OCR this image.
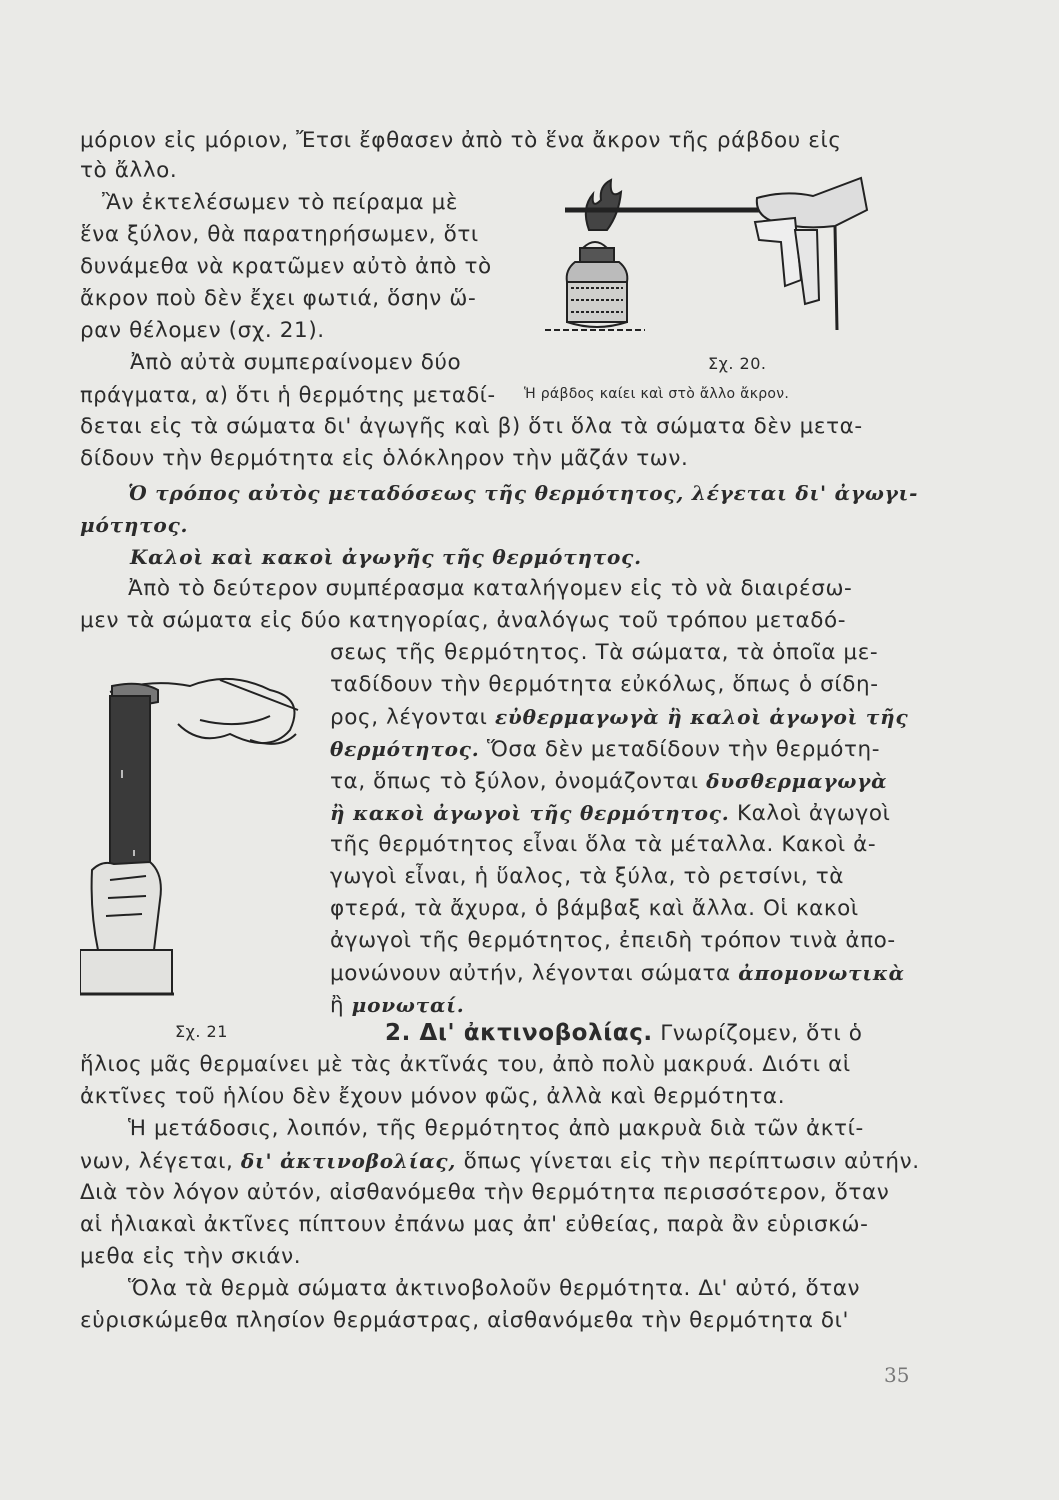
μόριον εἰς μόριον, Ἔτσι ἔφθασεν ἀπὸ τὸ ἕνα ἄκρον τῆς ράβδου εἰς
τὸ ἄλλο.
Ἂν ἐκτελέσωμεν τὸ πείραμα μὲ
ἕνα ξύλον, θὰ παρατηρήσωμεν, ὅτι
δυνάμεθα νὰ κρατῶμεν αὐτὸ ἀπὸ τὸ
ἄκρον ποὺ δὲν ἔχει φωτιά, ὅσην ὥ-
ραν θέλομεν (σχ. 21).
Ἀπὸ αὐτὰ συμπεραίνομεν δύο
πράγματα, α) ὅτι ἡ θερμότης μεταδί-
Σχ. 20.
Ἡ ράβδος καίει καὶ στὸ ἄλλο ἄκρον.
δεται εἰς τὰ σώματα δι' ἀγωγῆς καὶ β) ὅτι ὅλα τὰ σώματα δὲν μετα-
δίδουν τὴν θερμότητα εἰς ὁλόκληρον τὴν μᾶζάν των.
Ὁ τρόπος αὐτὸς μεταδόσεως τῆς θερμότητος, λέγεται δι' ἀγωγι-
μότητος.
Καλοὶ καὶ κακοὶ ἀγωγῆς τῆς θερμότητος.
Ἀπὸ τὸ δεύτερον συμπέρασμα καταλήγομεν εἰς τὸ νὰ διαιρέσω-
μεν τὰ σώματα εἰς δύο κατηγορίας, ἀναλόγως τοῦ τρόπου μεταδό-
Σχ. 21
σεως τῆς θερμότητος. Τὰ σώματα, τὰ ὁποῖα με-
ταδίδουν τὴν θερμότητα εὐκόλως, ὅπως ὁ σίδη-
ρος, λέγονται εὐθερμαγωγὰ ἢ καλοὶ ἀγωγοὶ τῆς
θερμότητος. Ὅσα δὲν μεταδίδουν τὴν θερμότη-
τα, ὅπως τὸ ξύλον, ὀνομάζονται δυσθερμαγωγὰ
ἢ κακοὶ ἀγωγοὶ τῆς θερμότητος. Καλοὶ ἀγωγοὶ
τῆς θερμότητος εἶναι ὅλα τὰ μέταλλα. Κακοὶ ἀ-
γωγοὶ εἶναι, ἡ ὕαλος, τὰ ξύλα, τὸ ρετσίνι, τὰ
φτερά, τὰ ἄχυρα, ὁ βάμβαξ καὶ ἄλλα. Οἱ κακοὶ
ἀγωγοὶ τῆς θερμότητος, ἐπειδὴ τρόπον τινὰ ἀπο-
μονώνουν αὐτήν, λέγονται σώματα ἀπομονωτικὰ
ἢ μονωταί.
2. Δι' ἀκτινοβολίας. Γνωρίζομεν, ὅτι ὁ
ἥλιος μᾶς θερμαίνει μὲ τὰς ἀκτῖνάς του, ἀπὸ πολὺ μακρυά. Διότι αἱ
ἀκτῖνες τοῦ ἡλίου δὲν ἔχουν μόνον φῶς, ἀλλὰ καὶ θερμότητα.
Ἡ μετάδοσις, λοιπόν, τῆς θερμότητος ἀπὸ μακρυὰ διὰ τῶν ἀκτί-
νων, λέγεται, δι' ἀκτινοβολίας, ὅπως γίνεται εἰς τὴν περίπτωσιν αὐτήν.
Διὰ τὸν λόγον αὐτόν, αἰσθανόμεθα τὴν θερμότητα περισσότερον, ὅταν
αἱ ἡλιακαὶ ἀκτῖνες πίπτουν ἐπάνω μας ἀπ' εὐθείας, παρὰ ἂν εὑρισκώ-
μεθα εἰς τὴν σκιάν.
Ὅλα τὰ θερμὰ σώματα ἀκτινοβολοῦν θερμότητα. Δι' αὐτό, ὅταν
εὑρισκώμεθα πλησίον θερμάστρας, αἰσθανόμεθα τὴν θερμότητα δι'
35
